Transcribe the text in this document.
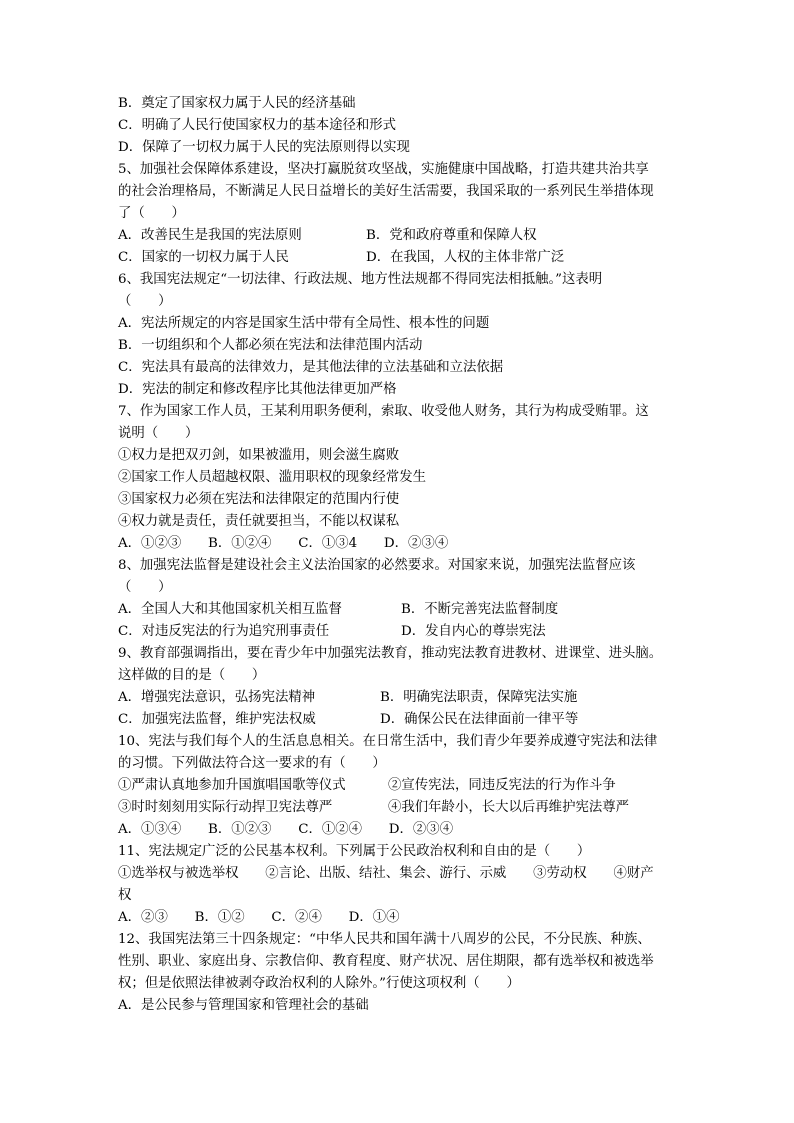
B．奠定了国家权力属于人民的经济基础
C．明确了人民行使国家权力的基本途径和形式
D．保障了一切权力属于人民的宪法原则得以实现
5、加强社会保障体系建设，坚决打赢脱贫攻坚战，实施健康中国战略，打造共建共治共享
的社会治理格局，不断满足人民日益增长的美好生活需要，我国采取的一系列民生举措体现
了（　　）
A．改善民生是我国的宪法原则	B．党和政府尊重和保障人权
C．国家的一切权力属于人民	D．在我国，人权的主体非常广泛
6、我国宪法规定“一切法律、行政法规、地方性法规都不得同宪法相抵触。”这表明
（　　）
A．宪法所规定的内容是国家生活中带有全局性、根本性的问题
B．一切组织和个人都必须在宪法和法律范围内活动
C．宪法具有最高的法律效力，是其他法律的立法基础和立法依据
D．宪法的制定和修改程序比其他法律更加严格
7、作为国家工作人员，王某利用职务便利，索取、收受他人财务，其行为构成受贿罪。这
说明（　　）
①权力是把双刃剑，如果被滥用，则会滋生腐败
②国家工作人员超越权限、滥用职权的现象经常发生
③国家权力必须在宪法和法律限定的范围内行使
④权力就是责任，责任就要担当，不能以权谋私
A．①②③　　B．①②④　　C．①③4　　D．②③④
8、加强宪法监督是建设社会主义法治国家的必然要求。对国家来说，加强宪法监督应该
（　　）
A．全国人大和其他国家机关相互监督	B．不断完善宪法监督制度
C．对违反宪法的行为追究刑事责任	D．发自内心的尊崇宪法
9、教育部强调指出，要在青少年中加强宪法教育，推动宪法教育进教材、进课堂、进头脑。
这样做的目的是（　　）
A．增强宪法意识，弘扬宪法精神	B．明确宪法职责，保障宪法实施
C．加强宪法监督，维护宪法权威	D．确保公民在法律面前一律平等
10、宪法与我们每个人的生活息息相关。在日常生活中，我们青少年要养成遵守宪法和法律
的习惯。下列做法符合这一要求的有（　　）
①严肃认真地参加升国旗唱国歌等仪式	②宣传宪法，同违反宪法的行为作斗争
③时时刻刻用实际行动捍卫宪法尊严	④我们年龄小，长大以后再维护宪法尊严
A．①③④　　B．①②③　　C．①②④　　D．②③④
11、宪法规定广泛的公民基本权利。下列属于公民政治权利和自由的是（　　）
①选举权与被选举权　　②言论、出版、结社、集会、游行、示威　　③劳动权　　④财产
权
A．②③　　B．①②　　C．②④　　D．①④
12、我国宪法第三十四条规定：“中华人民共和国年满十八周岁的公民，不分民族、种族、
性别、职业、家庭出身、宗教信仰、教育程度、财产状况、居住期限，都有选举权和被选举
权；但是依照法律被剥夺政治权利的人除外。”行使这项权利（　　）
A．是公民参与管理国家和管理社会的基础
